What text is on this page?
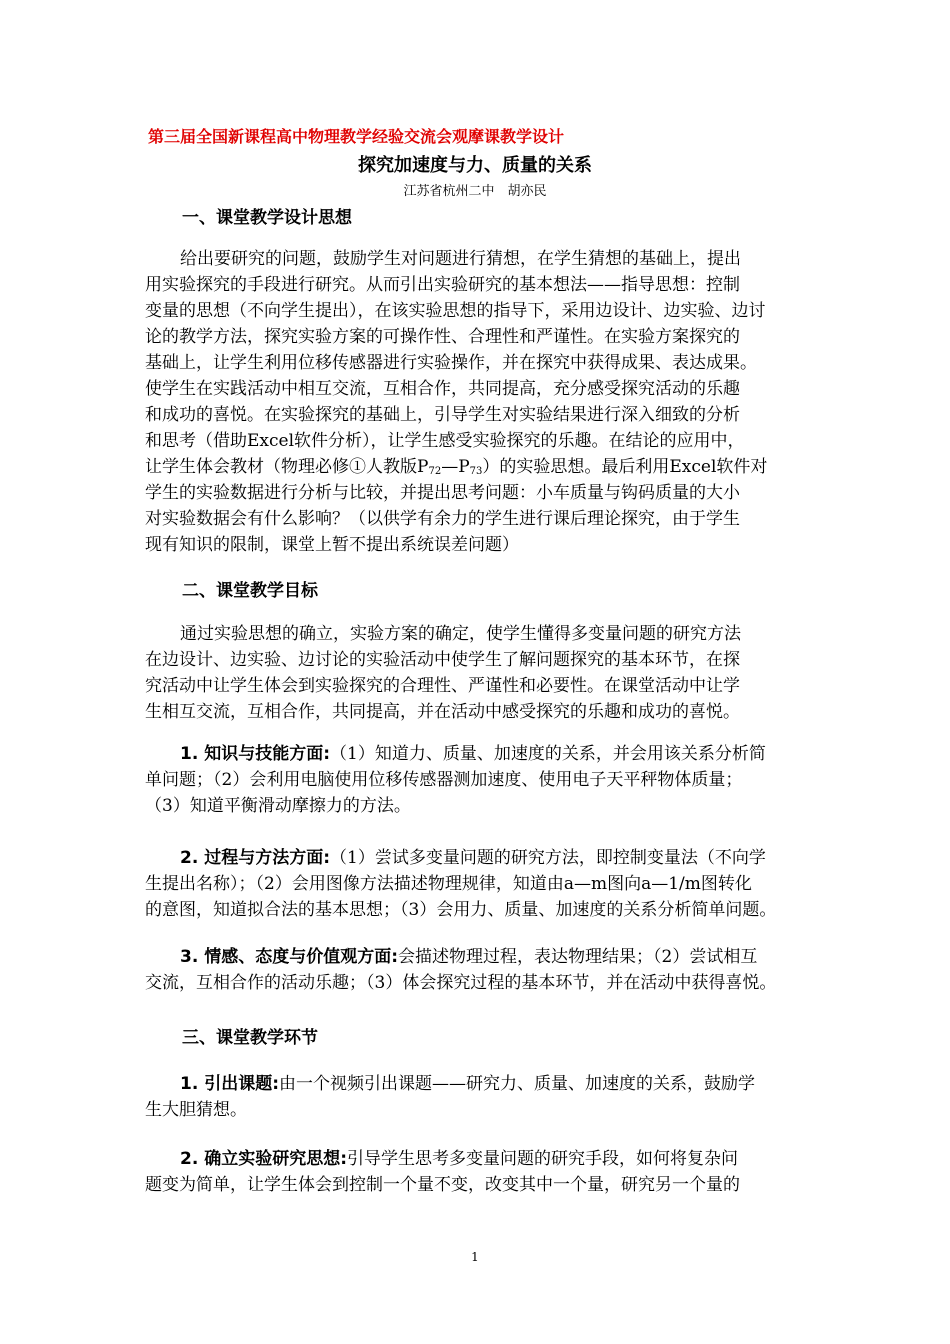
第三届全国新课程高中物理教学经验交流会观摩课教学设计
探究加速度与力、质量的关系
江苏省杭州二中　胡亦民
一、课堂教学设计思想
给出要研究的问题，鼓励学生对问题进行猜想，在学生猜想的基础上，提出
用实验探究的手段进行研究。从而引出实验研究的基本想法——指导思想：控制
变量的思想（不向学生提出），在该实验思想的指导下，采用边设计、边实验、边讨
论的教学方法，探究实验方案的可操作性、合理性和严谨性。在实验方案探究的
基础上，让学生利用位移传感器进行实验操作，并在探究中获得成果、表达成果。
使学生在实践活动中相互交流，互相合作，共同提高，充分感受探究活动的乐趣
和成功的喜悦。在实验探究的基础上，引导学生对实验结果进行深入细致的分析
和思考（借助Excel软件分析），让学生感受实验探究的乐趣。在结论的应用中，
让学生体会教材（物理必修①人教版$P_{72}—P_{73}$）的实验思想。最后利用Excel软件对
学生的实验数据进行分析与比较，并提出思考问题：小车质量与钩码质量的大小
对实验数据会有什么影响？（以供学有余力的学生进行课后理论探究，由于学生
现有知识的限制，课堂上暂不提出系统误差问题）
二、课堂教学目标
通过实验思想的确立，实验方案的确定，使学生懂得多变量问题的研究方法
在边设计、边实验、边讨论的实验活动中使学生了解问题探究的基本环节，在探
究活动中让学生体会到实验探究的合理性、严谨性和必要性。在课堂活动中让学
生相互交流，互相合作，共同提高，并在活动中感受探究的乐趣和成功的喜悦。
1. 知识与技能方面:（1）知道力、质量、加速度的关系，并会用该关系分析简
单问题；（2）会利用电脑使用位移传感器测加速度、使用电子天平秤物体质量；
（3）知道平衡滑动摩擦力的方法。
2. 过程与方法方面:（1）尝试多变量问题的研究方法，即控制变量法（不向学
生提出名称）；（2）会用图像方法描述物理规律，知道由a—m图向a—1/m图转化
的意图，知道拟合法的基本思想；（3）会用力、质量、加速度的关系分析简单问题。
3. 情感、态度与价值观方面:会描述物理过程，表达物理结果；（2）尝试相互
交流，互相合作的活动乐趣；（3）体会探究过程的基本环节，并在活动中获得喜悦。
三、课堂教学环节
1. 引出课题:由一个视频引出课题——研究力、质量、加速度的关系，鼓励学
生大胆猜想。
2. 确立实验研究思想:引导学生思考多变量问题的研究手段，如何将复杂问
题变为简单，让学生体会到控制一个量不变，改变其中一个量，研究另一个量的
1
